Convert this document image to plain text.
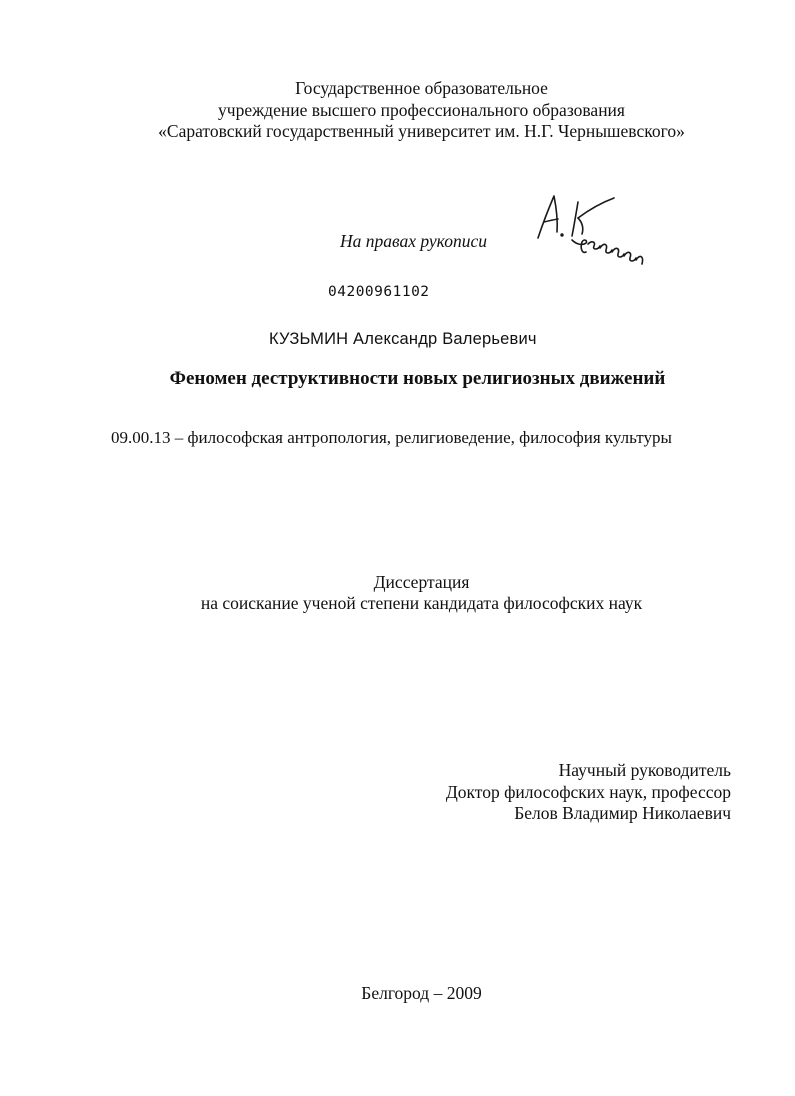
Государственное образовательное
учреждение высшего профессионального образования
«Саратовский государственный университет им. Н.Г. Чернышевского»
На правах рукописи
04200961102
КУЗЬМИН Александр Валерьевич
Феномен деструктивности новых религиозных движений
09.00.13 – философская антропология, религиоведение, философия культуры
Диссертация
на соискание ученой степени кандидата философских наук
Научный руководитель
Доктор философских наук, профессор
Белов Владимир Николаевич
Белгород – 2009
